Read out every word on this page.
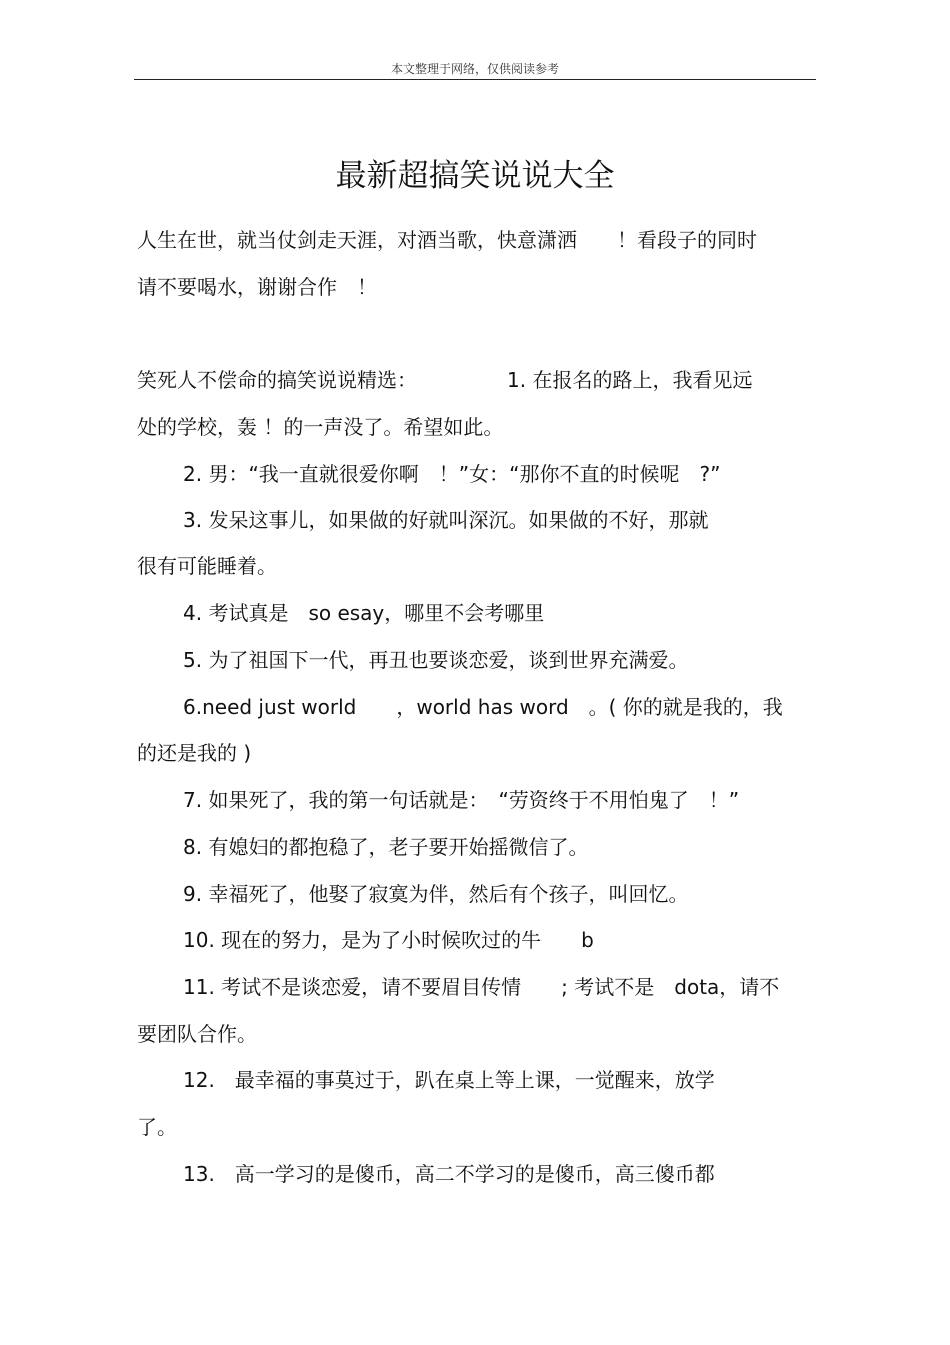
本文整理于网络，仅供阅读参考
最新超搞笑说说大全
人生在世，就当仗剑走天涯，对酒当歌，快意潇洒　　！看段子的同时
请不要喝水，谢谢合作　！
笑死人不偿命的搞笑说说精选：　　　　　1. 在报名的路上，我看见远
处的学校，轰 ！的一声没了。希望如此。
2. 男：“我一直就很爱你啊　！”女：“那你不直的时候呢　?”
3. 发呆这事儿，如果做的好就叫深沉。如果做的不好，那就
很有可能睡着。
4. 考试真是　so esay，哪里不会考哪里
5. 为了祖国下一代，再丑也要谈恋爱，谈到世界充满爱。
6.need just world　　，world has word　。( 你的就是我的，我
的还是我的 )
7. 如果死了，我的第一句话就是：　“劳资终于不用怕鬼了　！”
8. 有媳妇的都抱稳了，老子要开始摇微信了。
9. 幸福死了，他娶了寂寞为伴，然后有个孩子，叫回忆。
10. 现在的努力，是为了小时候吹过的牛　　b
11. 考试不是谈恋爱，请不要眉目传情　　; 考试不是　dota，请不
要团队合作。
12.　最幸福的事莫过于，趴在桌上等上课，一觉醒来，放学
了。
13.　高一学习的是傻币，高二不学习的是傻币，高三傻币都
